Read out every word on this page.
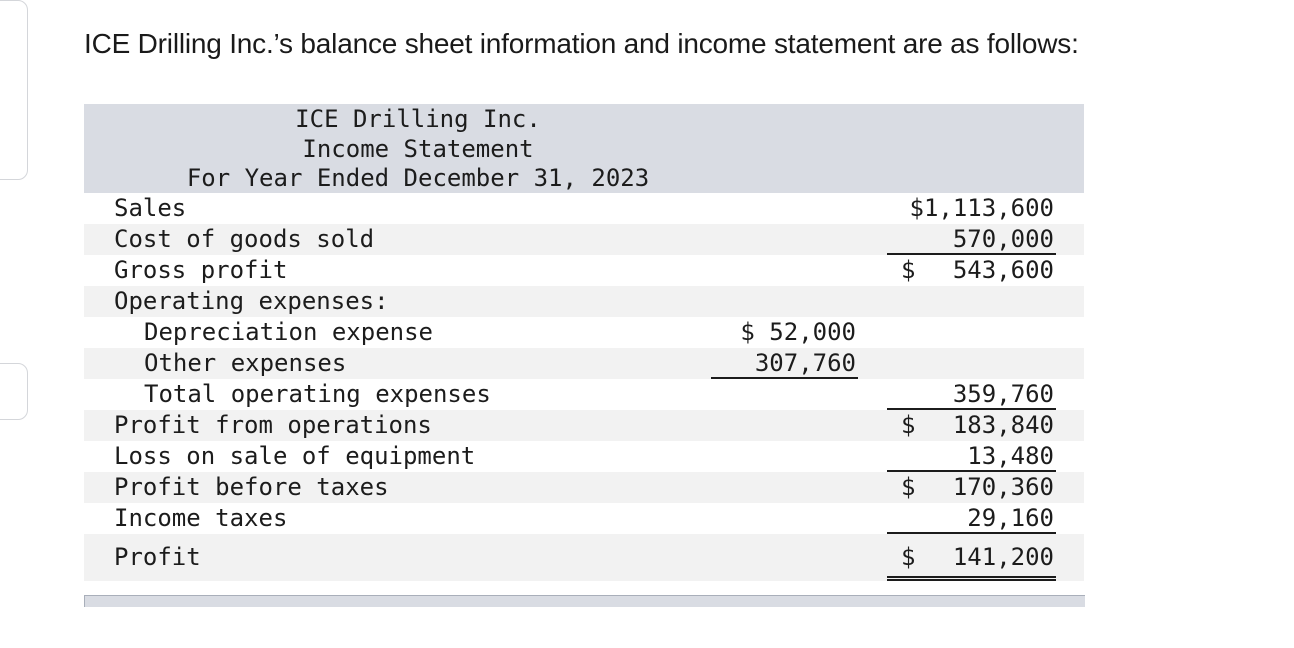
ICE Drilling Inc.’s balance sheet information and income statement are as follows:
ICE Drilling Inc.
Income Statement
For Year Ended December 31, 2023
Sales	$1,113,600
Cost of goods sold	570,000
Gross profit	$ 543,600
Operating expenses:
Depreciation expense	$ 52,000
Other expenses	307,760
Total operating expenses	359,760
Profit from operations	$ 183,840
Loss on sale of equipment	13,480
Profit before taxes	$ 170,360
Income taxes	29,160
Profit	$ 141,200
